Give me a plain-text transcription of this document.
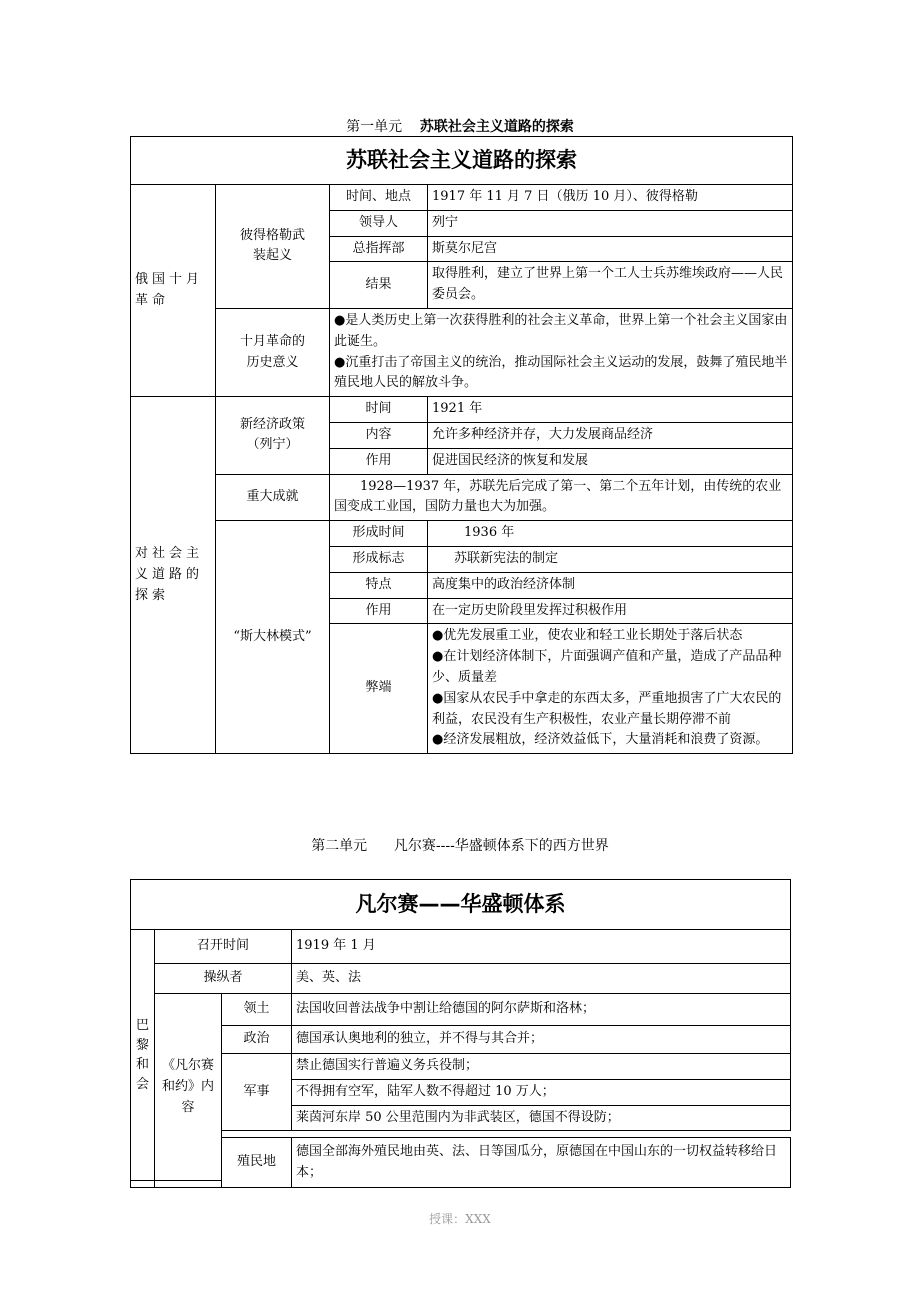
第一单元 苏联社会主义道路的探索
苏联社会主义道路的探索			
俄国十月革命	彼得格勒武装起义	时间、地点	1917 年 11 月 7 日（俄历 10 月）、彼得格勒
		领导人	列宁
		总指挥部	斯莫尔尼宫
		结果	取得胜利，建立了世界上第一个工人士兵苏维埃政府——人民委员会。

	十月革命的历史意义	●是人类历史上第一次获得胜利的社会主义革命，世界上第一个社会主义国家由此诞生。
●沉重打击了帝国主义的统治，推动国际社会主义运动的发展，鼓舞了殖民地半殖民地人民的解放斗争。	

对社会主义道路的探索	新经济政策（列宁）	时间	1921 年
		内容	允许多种经济并存，大力发展商品经济
		作用	促进国民经济的恢复和发展
	重大成就	1928—1937 年，苏联先后完成了第一、第二个五年计划，由传统的农业国变成工业国，国防力量也大为加强。	
	“斯大林模式”	形成时间	1936 年
		形成标志	苏联新宪法的制定
		特点	高度集中的政治经济体制
		作用	在一定历史阶段里发挥过积极作用
		弊端	●优先发展重工业，使农业和轻工业长期处于落后状态
●在计划经济体制下，片面强调产值和产量，造成了产品品种少、质量差
●国家从农民手中拿走的东西太多，严重地损害了广大农民的利益，农民没有生产积极性，农业产量长期停滞不前
●经济发展粗放，经济效益低下，大量消耗和浪费了资源。
第二单元 凡尔赛----华盛顿体系下的西方世界
凡尔赛——华盛顿体系			
巴黎和会	召开时间		1919 年 1 月
	操纵者		美、英、法
	《凡尔赛和约》内容	领土	法国收回普法战争中割让给德国的阿尔萨斯和洛林；
		政治	德国承认奥地利的独立，并不得与其合并；
		军事	禁止德国实行普遍义务兵役制；
			不得拥有空军，陆军人数不得超过 10 万人；
			莱茵河东岸 50 公里范围内为非武装区，德国不得设防；

		殖民地	德国全部海外殖民地由英、法、日等国瓜分，原德国在中国山东的一切权益转移给日本；
授课：XXX
